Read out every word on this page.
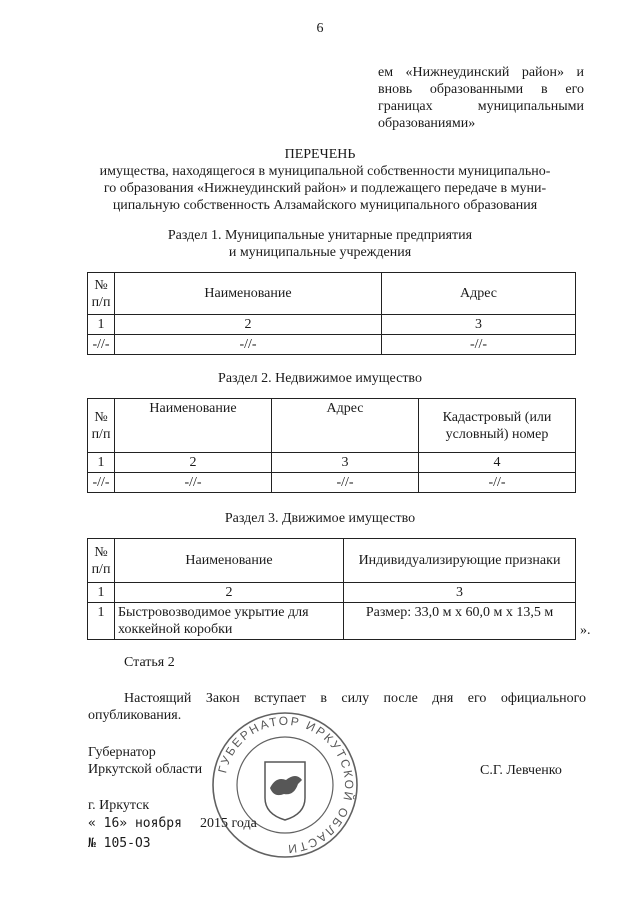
6
ем «Нижнеудинский район» и
вновь образованными в его
границах муниципальными
образованиями»
ПЕРЕЧЕНЬ
имущества, находящегося в муниципальной собственности муниципально-
го образования «Нижнеудинский район» и подлежащего передаче в муни-
ципальную собственность Алзамайского муниципального образования
Раздел 1. Муниципальные унитарные предприятия
и муниципальные учреждения
№ п/п	Наименование	Адрес
1	2	3
-//-	-//-	-//-
Раздел 2. Недвижимое имущество
№ п/п	Наименование	Адрес	Кадастровый (или условный) номер
1	2	3	4
-//-	-//-	-//-	-//-
Раздел 3. Движимое имущество
№ п/п	Наименование	Индивидуализирующие признаки
1	2	3
1	Быстровозводимое укрытие для хоккейной коробки	Размер: 33,0 м х 60,0 м х 13,5 м
».
Статья 2
Настоящий Закон вступает в силу после дня его официального
опубликования.
Губернатор
Иркутской области	С.Г. Левченко
г. Иркутск
« 16» ноября 2015 года
№ 105-ОЗ
ГУБЕРНАТОР ИРКУТСКОЙ ОБЛАСТИ
